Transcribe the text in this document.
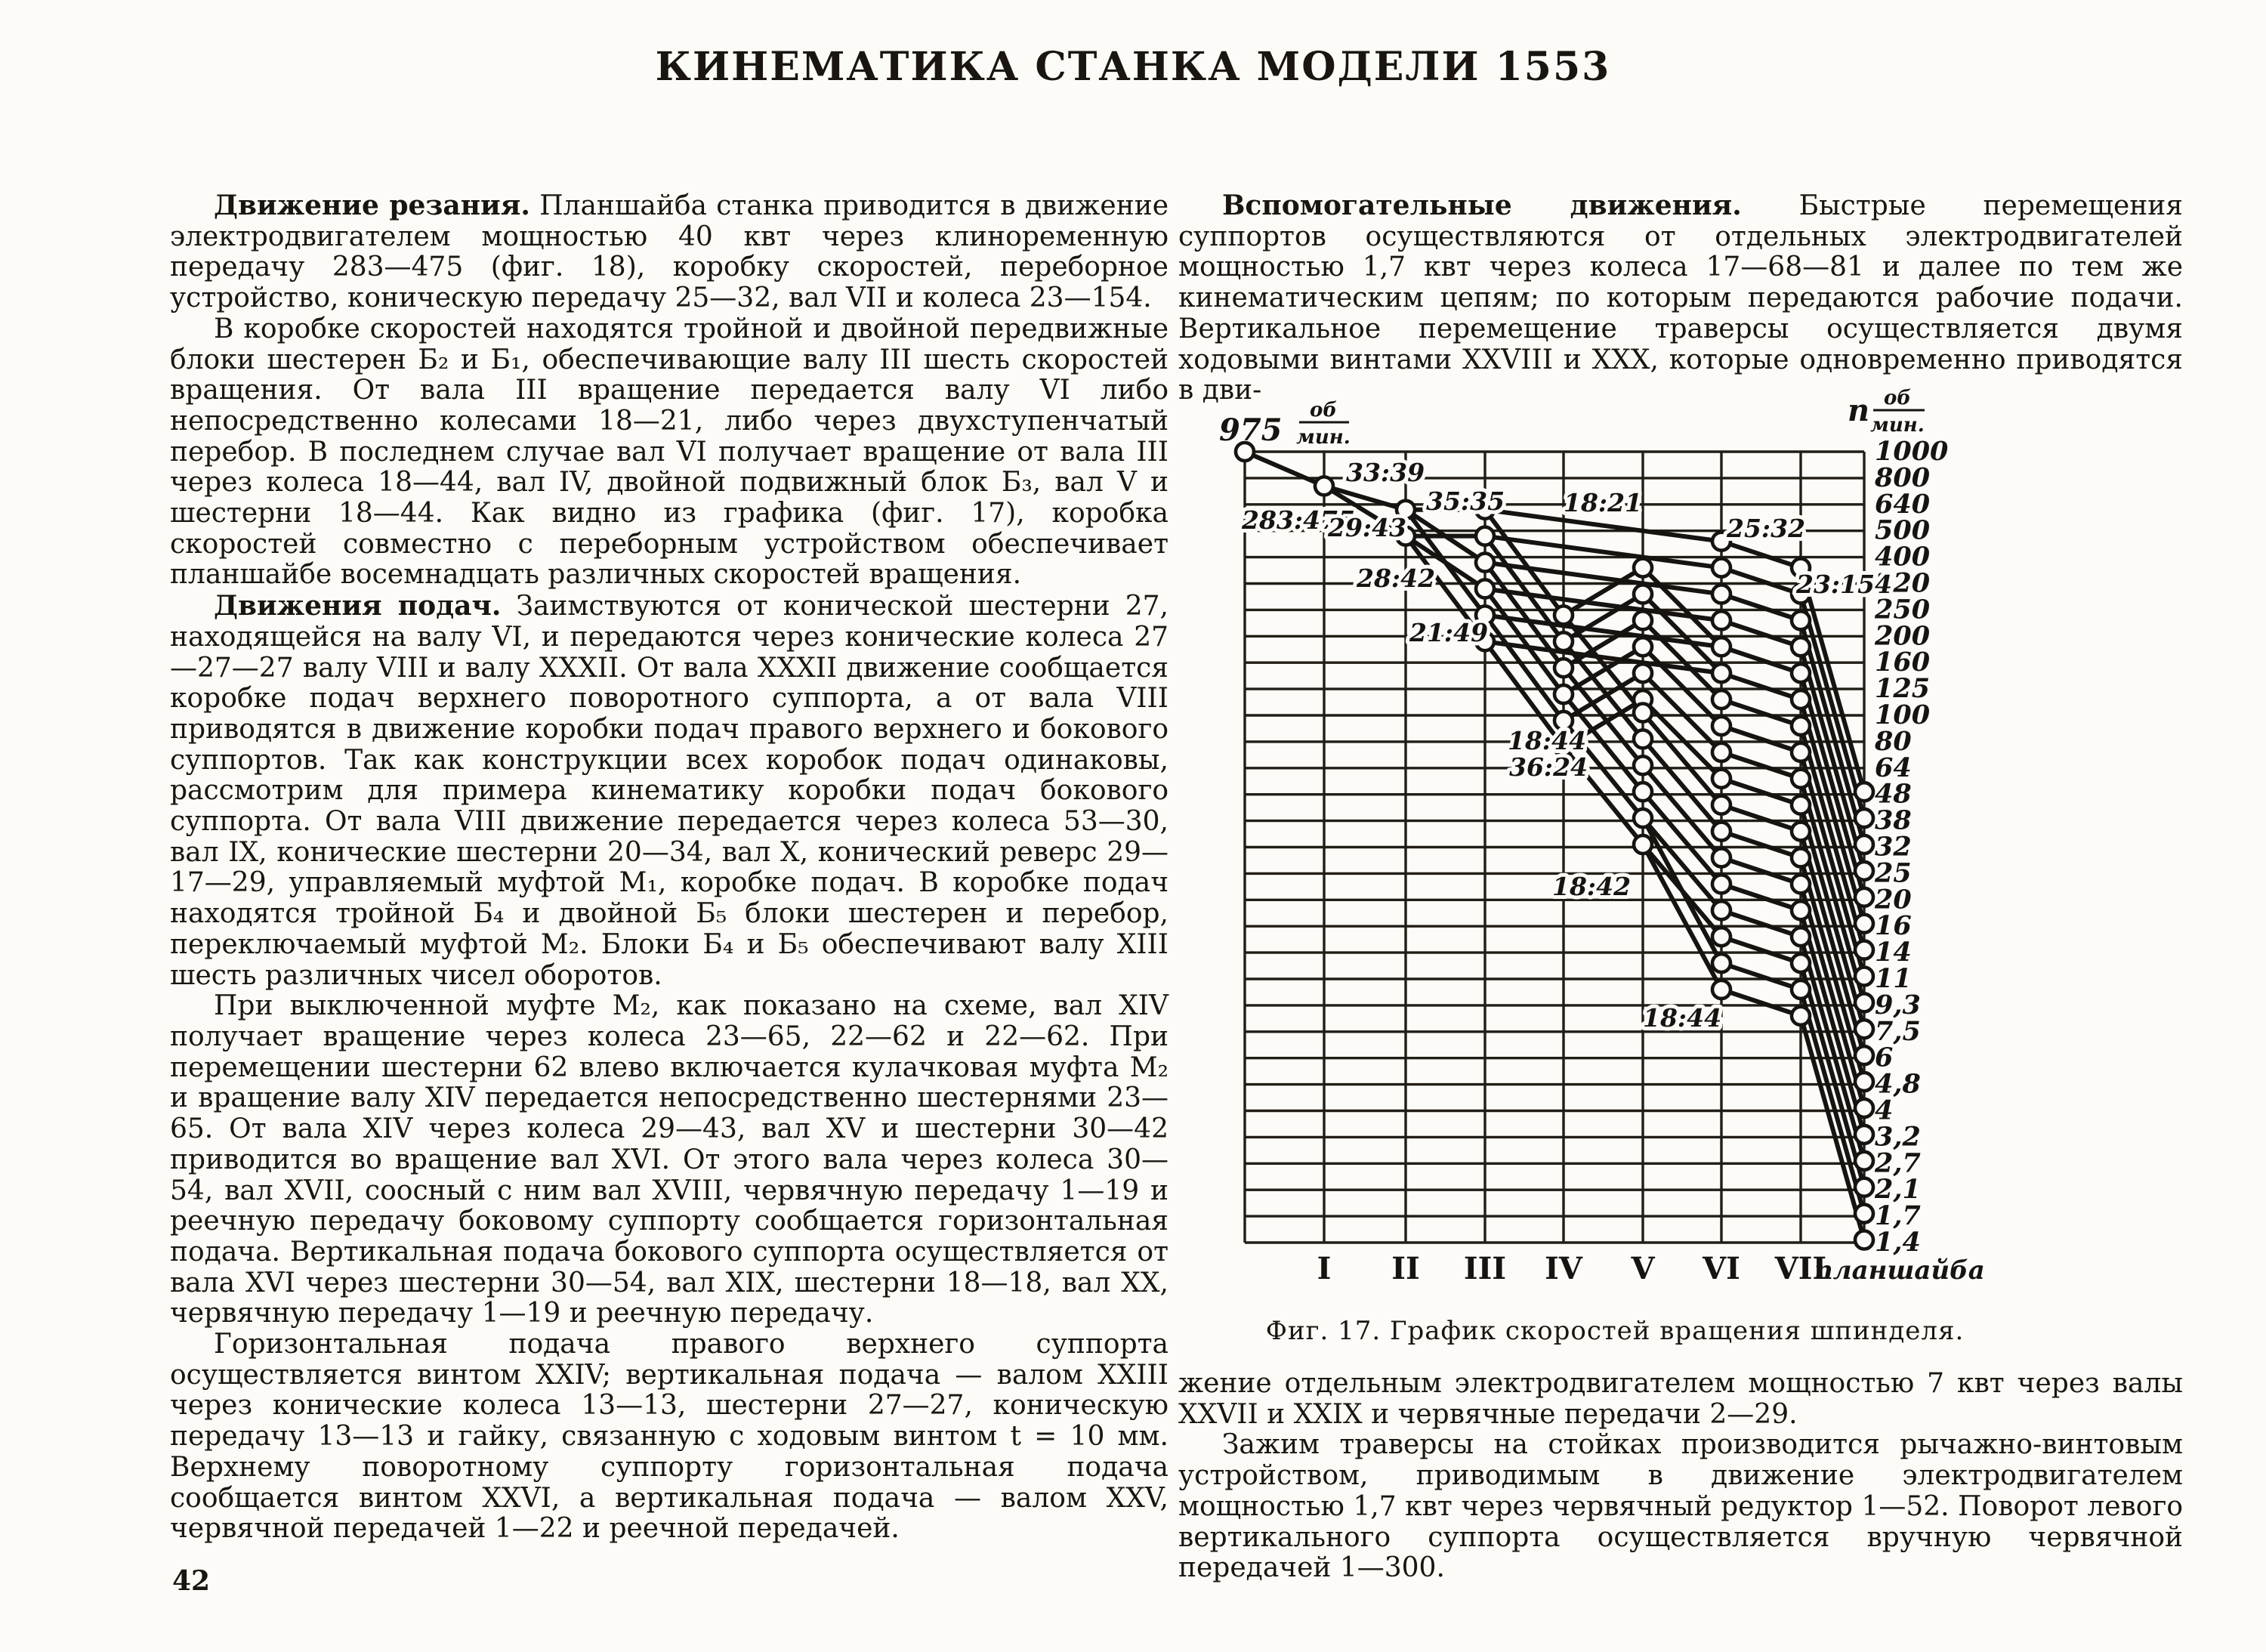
КИНЕМАТИКА СТАНКА МОДЕЛИ 1553

Движение резания. Планшайба станка приводится в движение электродвигателем мощностью 40 квт через клиноременную передачу 283—475 (фиг. 18), коробку скоростей, переборное устройство, коническую передачу 25—32, вал VII и колеса 23—154.

В коробке скоростей находятся тройной и двойной передвижные блоки шестерен Б₂ и Б₁, обеспечивающие валу III шесть скоростей вращения. От вала III вращение передается валу VI либо непосредственно колесами 18—21, либо через двухступенчатый перебор. В последнем случае вал VI получает вращение от вала III через колеса 18—44, вал IV, двойной подвижный блок Б₃, вал V и шестерни 18—44. Как видно из графика (фиг. 17), коробка скоростей совместно с переборным устройством обеспечивает планшайбе восемнадцать различных скоростей вращения.

Движения подач. Заимствуются от конической шестерни 27, находящейся на валу VI, и передаются через конические колеса 27—27—27 валу VIII и валу XXXII. От вала XXXII движение сообщается коробке подач верхнего поворотного суппорта, а от вала VIII приводятся в движение коробки подач правого верхнего и бокового суппортов. Так как конструкции всех коробок подач одинаковы, рассмотрим для примера кинематику коробки подач бокового суппорта. От вала VIII движение передается через колеса 53—30, вал IX, конические шестерни 20—34, вал X, конический реверс 29—17—29, управляемый муфтой М₁, коробке подач. В коробке подач находятся тройной Б₄ и двойной Б₅ блоки шестерен и перебор, переключаемый муфтой М₂. Блоки Б₄ и Б₅ обеспечивают валу XIII шесть различных чисел оборотов.

При выключенной муфте М₂, как показано на схеме, вал XIV получает вращение через колеса 23—65, 22—62 и 22—62. При перемещении шестерни 62 влево включается кулачковая муфта М₂ и вращение валу XIV передается непосредственно шестернями 23—65. От вала XIV через колеса 29—43, вал XV и шестерни 30—42 приводится во вращение вал XVI. От этого вала через колеса 30—54, вал XVII, соосный с ним вал XVIII, червячную передачу 1—19 и реечную передачу боковому суппорту сообщается горизонтальная подача. Вертикальная подача бокового суппорта осуществляется от вала XVI через шестерни 30—54, вал XIX, шестерни 18—18, вал XX, червячную передачу 1—19 и реечную передачу.

Горизонтальная подача правого верхнего суппорта осуществляется винтом XXIV; вертикальная подача — валом XXIII через конические колеса 13—13, шестерни 27—27, коническую передачу 13—13 и гайку, связанную с ходовым винтом t = 10 мм. Верхнему поворотному суппорту горизонтальная подача сообщается винтом XXVI, а вертикальная подача — валом XXV, червячной передачей 1—22 и реечной передачей.

Вспомогательные движения. Быстрые перемещения суппортов осуществляются от отдельных электродвигателей мощностью 1,7 квт через колеса 17—68—81 и далее по тем же кинематическим цепям; по которым передаются рабочие подачи. Вертикальное перемещение траверсы осуществляется двумя ходовыми винтами XXVIII и XXX, которые одновременно приводятся в дви-

1000
800
640
500
400
320
250
200
160
125
100
80
64
48
38
32
25
20
16
14
11
9,3
7,5
6
4,8
4
3,2
2,7
2,1
1,7
1,4
n об
мин.
975
об
мин.
283:475
33:39
29:43
35:35
28:42
21:49
18:21
25:32
23:154
18:44
36:24
18:42
18:44
I II III IV V VI VII
планшайба
Фиг. 17. График скоростей вращения шпинделя.

жение отдельным электродвигателем мощностью 7 квт через валы XXVII и XXIX и червячные передачи 2—29.

Зажим траверсы на стойках производится рычажно-винтовым устройством, приводимым в движение электродвигателем мощностью 1,7 квт через червячный редуктор 1—52. Поворот левого вертикального суппорта осуществляется вручную червячной передачей 1—300.

42
